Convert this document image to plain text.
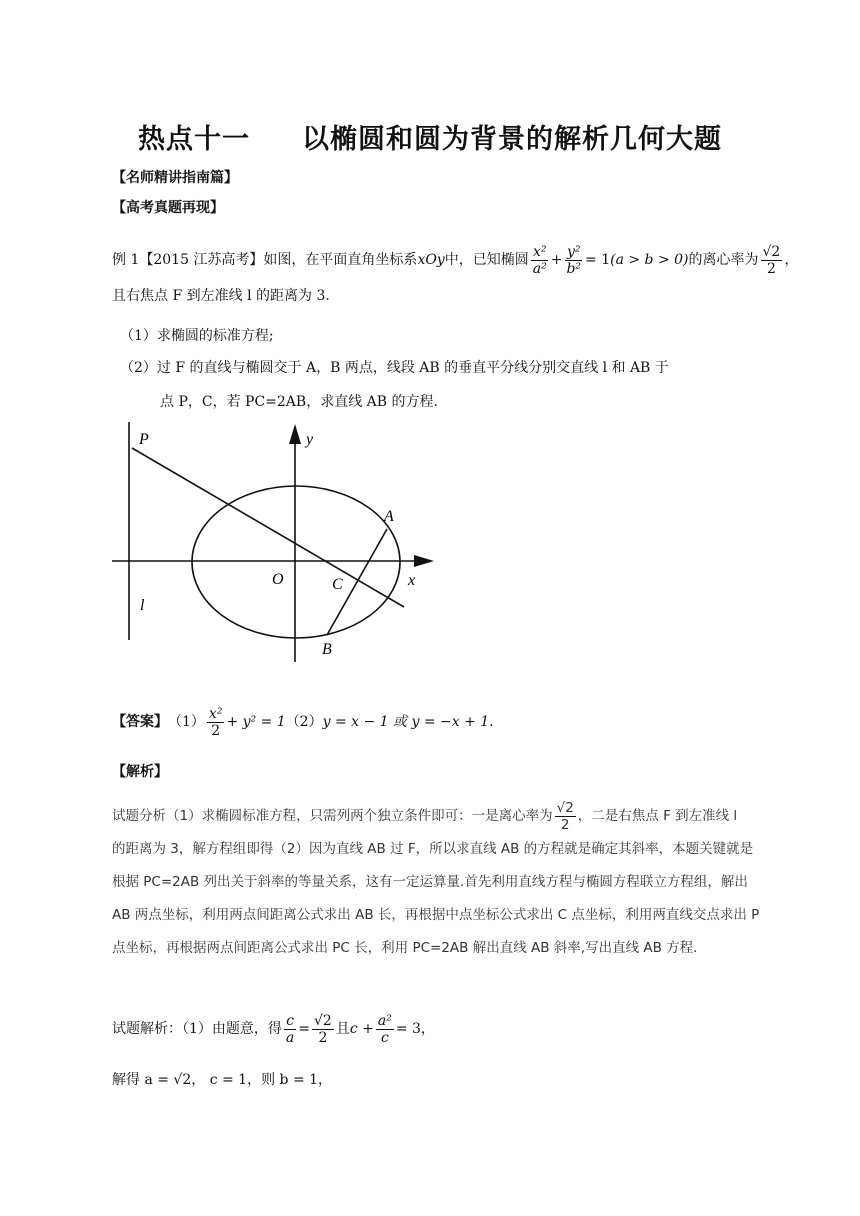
热点十一 以椭圆和圆为背景的解析几何大题
【名师精讲指南篇】
【高考真题再现】
例 1【2015 江苏高考】如图，在平面直角坐标系 xOy 中，已知椭圆 $\frac{\text{x²}}{\text{a²}} + \frac{\text{y²}}{\text{b²}} = 1$ (a > b > 0) 的离心率为 $\frac{√2}{2}$ ，
且右焦点 F 到左准线 l 的距离为 3.
（1）求椭圆的标准方程;
（2）过 F 的直线与椭圆交于 A，B 两点，线段 AB 的垂直平分线分别交直线 l 和 AB 于
点 P，C，若 PC=2AB，求直线 AB 的方程.
P	y
A
O	C	x
l
B
【答案】 $(1) \frac{\text{x²}}{2} + y^2 = 1$ （2） y = x − 1 或 y = −x + 1.
【解析】
试题分析（1）求椭圆标准方程，只需列两个独立条件即可：一是离心率为 $\frac{√2}{2}$ ，二是右焦点 F 到左准线 l
的距离为 3，解方程组即得（2）因为直线 AB 过 F，所以求直线 AB 的方程就是确定其斜率，本题关键就是
根据 PC=2AB 列出关于斜率的等量关系，这有一定运算量.首先利用直线方程与椭圆方程联立方程组，解出
AB 两点坐标，利用两点间距离公式求出 AB 长，再根据中点坐标公式求出 C 点坐标，利用两直线交点求出 P
点坐标，再根据两点间距离公式求出 PC 长，利用 PC=2AB 解出直线 AB 斜率,写出直线 AB 方程.
试题解析：（1）由题意，得 $\frac{c}{a} = \frac{√2}{2}$ 且 $c + \frac{\text{a²}}{c} = 3$，
解得 a = √2， c = 1，则 b = 1，
